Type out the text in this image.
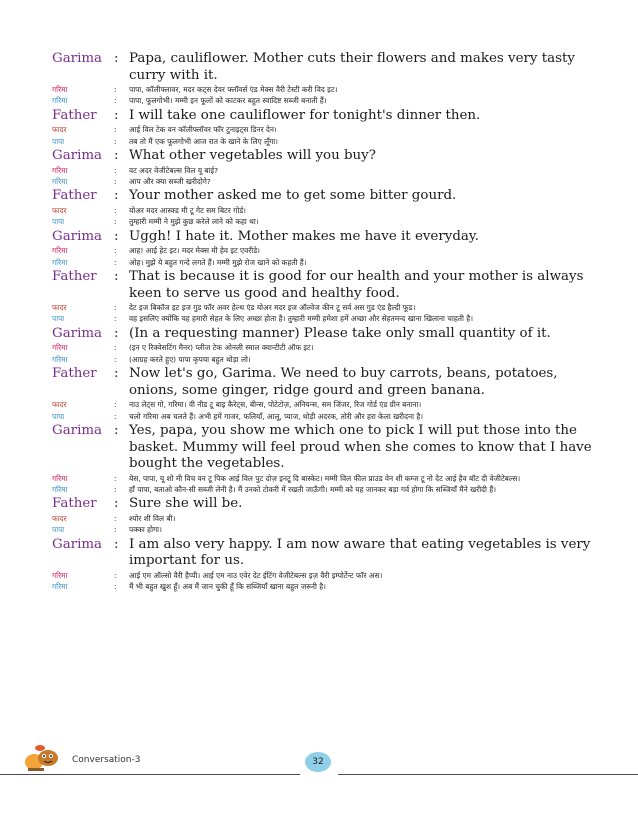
Garima : Papa, cauliflower. Mother cuts their flowers and makes very tasty curry with it.
गरिमा	:	पापा, कॉलीफ्लावर, मदर कट्स देयर फ्लॉवर्स एंड मेक्स वैरी टेस्टी करी विद इट।
गरिमा	:	पापा, फूलगोभी। मम्मी इन फूलों को काटकर बहुत स्वादिष्ट सब्जी बनाती हैं।
Father	: I will take one cauliflower for tonight's dinner then.
फादर	:	आई विल टेक वन कॉलीफ्लॉवर फॉर टुनाइट्स डिनर देन।
पापा	:	तब तो मैं एक फूलगोभी आज रात के खाने के लिए लूँगा।
Garima : What other vegetables will you buy?
गरिमा	:	वट अदर वेजीटेबल्स विल यू बाई?
गरिमा	:	आप और क्या सब्जी खरीदोगे?
Father	: Your mother asked me to get some bitter gourd.
फादर	:	योअर मदर आस्क्ड मी टू गेट सम बिटर गोर्ड।
पापा	:	तुम्हारी मम्मी ने मुझे कुछ करेले लाने को कहा था।
Garima : Uggh! I hate it. Mother makes me have it everyday.
गरिमा	:	आह! आई हेट इट। मदर मेक्स मी हेव इट एवरीडे।
गरिमा	:	ओह। मुझे ये बहुत गन्दे लगते हैं। मम्मी मुझे रोज खाने को कहती हैं।
Father	: That is because it is good for our health and your mother is always keen to serve us good and healthy food.
फादर	:	देट इज बिकॉज इट इज गुड फॉर अवर हेल्थ एंड योअर मदर इज ऑल्वेज कीन टू सर्व अस गुड एंड हैल्दी फूड।
पापा	:	वह इसलिए क्योंकि यह हमारी सेहत के लिए अच्छा होता है। तुम्हारी मम्मी हमेशा हमें अच्छा और सेहतमन्द खाना खिलाना चाहती है।
Garima : (In a requesting manner) Please take only small quantity of it.
गरिमा	:	(इन ए रिक्वेसटिंग मैनर) प्लीज टेक ओनली स्माल क्वान्टीटी ऑफ इट।
गरिमा	:	(आग्रह करते हुए) पापा कृपया बहुत थोड़ा लो।
Father	: Now let's go, Garima. We need to buy carrots, beans, potatoes, onions, some ginger, ridge gourd and green banana.
फादर	:	नाउ लेट्स गो, गरिमा। वी नीड टू बाइ कैरेट्स, बीन्स, पोटेटोज़, अनियन्स, सम जिंजर, रिज गोर्ड एंड ग्रीन बनाना।
पापा	:	चलो गरिमा अब चलते हैं। अभी हमें गाजर, फलियाँ, आलू, प्याज, थोड़ी अदरक, तोरी और हरा केला खरीदना है।
Garima : Yes, papa, you show me which one to pick I will put those into the basket. Mummy will feel proud when she comes to know that I have bought the vegetables.
गरिमा	:	येस, पापा, यू शो मी विच वन टू पिक आई विल पुट दोज़ इनटू दि बास्केट। मम्मी विल फील प्राउड वेन शी कम्ज टू नो देट आई हैव बॉट दी वेजीटेबल्स।
गरिमा	:	हाँ पापा, बताओ कौन-सी सब्जी लेनी है। मैं उनको टोकरी में रखती जाऊँगी। मम्मी को यह जानकर बड़ा गर्व होगा कि सब्जियाँ मैंने खरीदी हैं।
Father	: Sure she will be.
फादर	:	श्योर शी विल बी।
पापा	:	पक्का होगा।
Garima : I am also very happy. I am now aware that eating vegetables is very important for us.
गरिमा	:	आई एम ऑल्सो वैरी हैप्पी। आई एम नाउ एवेर देट ईटिंग वेजीटेबल्स इज़ वैरी इम्पोर्टेन्ट फॉर अस।
गरिमा	:	मैं भी बहुत खुश हूँ। अब मैं जान चुकी हूँ कि सब्जियाँ खाना बहुत जरूरी है।
Conversation-3	32
